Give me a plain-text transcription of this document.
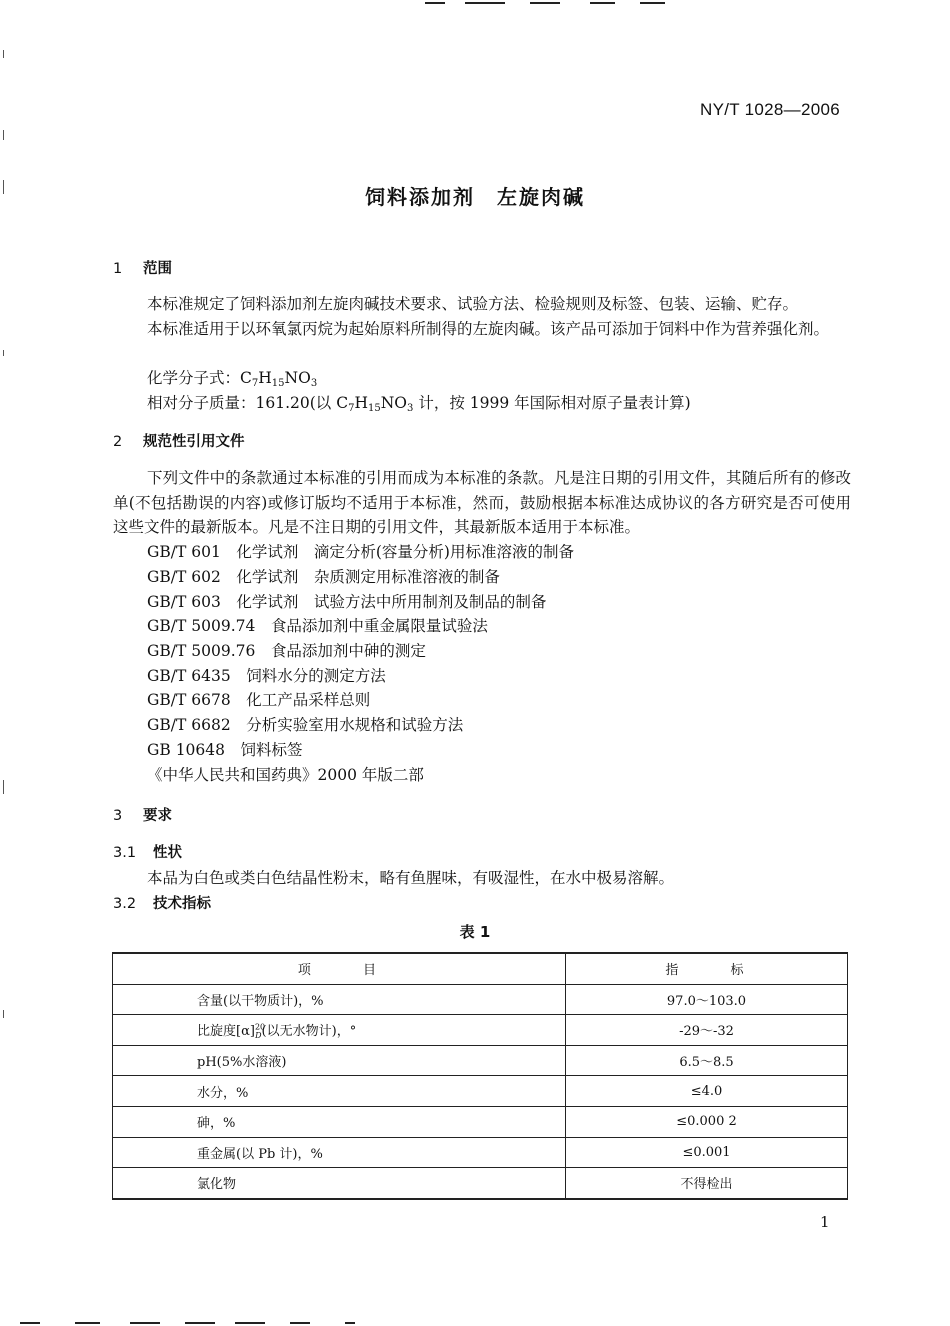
NY/T 1028—2006
饲料添加剂　左旋肉碱
1 范围
本标准规定了饲料添加剂左旋肉碱技术要求、试验方法、检验规则及标签、包装、运输、贮存。
本标准适用于以环氧氯丙烷为起始原料所制得的左旋肉碱。该产品可添加于饲料中作为营养强化剂。
化学分子式：$C_7H_{15}NO_3$
相对分子质量：161.20(以 $C_7H_{15}NO_3$ 计，按 1999 年国际相对原子量表计算)
2 规范性引用文件
下列文件中的条款通过本标准的引用而成为本标准的条款。凡是注日期的引用文件，其随后所有的修改单(不包括勘误的内容)或修订版均不适用于本标准，然而，鼓励根据本标准达成协议的各方研究是否可使用这些文件的最新版本。凡是不注日期的引用文件，其最新版本适用于本标准。
GB/T 601　 化学试剂　滴定分析(容量分析)用标准溶液的制备
GB/T 602　 化学试剂　杂质测定用标准溶液的制备
GB/T 603　 化学试剂　试验方法中所用制剂及制品的制备
GB/T 5009.74　 食品添加剂中重金属限量试验法
GB/T 5009.76　 食品添加剂中砷的测定
GB/T 6435　 饲料水分的测定方法
GB/T 6678　 化工产品采样总则
GB/T 6682　 分析实验室用水规格和试验方法
GB 10648　 饲料标签
《中华人民共和国药典》2000 年版二部
3 要求
3.1 性状
本品为白色或类白色结晶性粉末，略有鱼腥味，有吸湿性，在水中极易溶解。
3.2 技术指标
表 1
项 目	指 标
含量(以干物质计)，%	97.0～103.0
比旋度$[\alpha]^{20}_D$(以无水物计)，°	-29～-32
pH(5%水溶液)	6.5～8.5
水分，%	≤4.0
砷，%	≤0.000 2
重金属(以 Pb 计)，%	≤0.001
氯化物	不得检出
1
